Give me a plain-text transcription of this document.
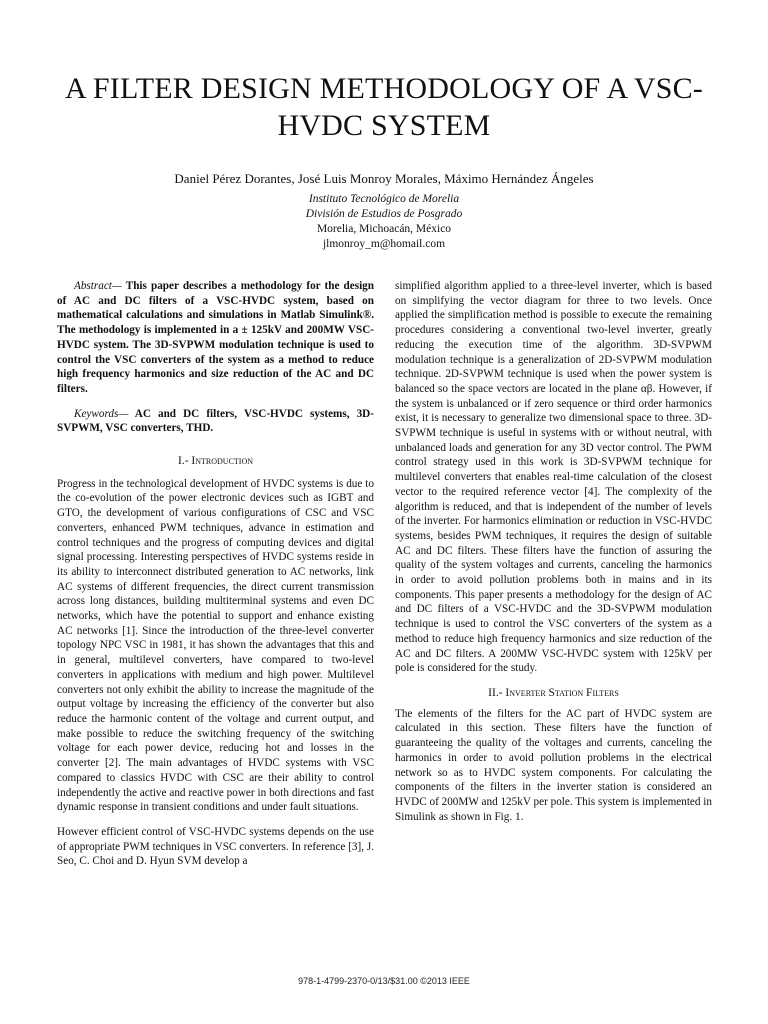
A FILTER DESIGN METHODOLOGY OF A VSC-HVDC SYSTEM
Daniel Pérez Dorantes, José Luis Monroy Morales, Máximo Hernández Ángeles
Instituto Tecnológico de Morelia
División de Estudios de Posgrado
Morelia, Michoacán, México
jlmonroy_m@homail.com

Abstract— This paper describes a methodology for the design of AC and DC filters of a VSC-HVDC system, based on mathematical calculations and simulations in Matlab Simulink®. The methodology is implemented in a ± 125kV and 200MW VSC-HVDC system. The 3D-SVPWM modulation technique is used to control the VSC converters of the system as a method to reduce high frequency harmonics and size reduction of the AC and DC filters.

Keywords— AC and DC filters, VSC-HVDC systems, 3D-SVPWM, VSC converters, THD.

I.- Introduction

Progress in the technological development of HVDC systems is due to the co-evolution of the power electronic devices such as IGBT and GTO, the development of various configurations of CSC and VSC converters, enhanced PWM techniques, advance in estimation and control techniques and the progress of computing devices and digital signal processing. Interesting perspectives of HVDC systems reside in its ability to interconnect distributed generation to AC networks, link AC systems of different frequencies, the direct current transmission across long distances, building multiterminal systems and even DC networks, which have the potential to support and enhance existing AC networks [1]. Since the introduction of the three-level converter topology NPC VSC in 1981, it has shown the advantages that this and in general, multilevel converters, have compared to two-level converters in applications with medium and high power. Multilevel converters not only exhibit the ability to increase the magnitude of the output voltage by increasing the efficiency of the converter but also reduce the harmonic content of the voltage and current output, and make possible to reduce the switching frequency of the switching voltage for each power device, reducing hot and losses in the converter [2]. The main advantages of HVDC systems with VSC compared to classics HVDC with CSC are their ability to control independently the active and reactive power in both directions and fast dynamic response in transient conditions and under fault situations.

However efficient control of VSC-HVDC systems depends on the use of appropriate PWM techniques in VSC converters. In reference [3], J. Seo, C. Choi and D. Hyun SVM develop a

simplified algorithm applied to a three-level inverter, which is based on simplifying the vector diagram for three to two levels. Once applied the simplification method is possible to execute the remaining procedures considering a conventional two-level inverter, greatly reducing the execution time of the algorithm. 3D-SVPWM modulation technique is a generalization of 2D-SVPWM modulation technique. 2D-SVPWM technique is used when the power system is balanced so the space vectors are located in the plane αβ. However, if the system is unbalanced or if zero sequence or third order harmonics exist, it is necessary to generalize two dimensional space to three. 3D-SVPWM technique is useful in systems with or without neutral, with unbalanced loads and generation for any 3D vector control. The PWM control strategy used in this work is 3D-SVPWM technique for multilevel converters that enables real-time calculation of the closest vector to the required reference vector [4]. The complexity of the algorithm is reduced, and that is independent of the number of levels of the inverter. For harmonics elimination or reduction in VSC-HVDC systems, besides PWM techniques, it requires the design of suitable AC and DC filters. These filters have the function of assuring the quality of the system voltages and currents, canceling the harmonics in order to avoid pollution problems both in mains and in its components. This paper presents a methodology for the design of AC and DC filters of a VSC-HVDC and the 3D-SVPWM modulation technique is used to control the VSC converters of the system as a method to reduce high frequency harmonics and size reduction of the AC and DC filters. A 200MW VSC-HVDC system with 125kV per pole is considered for the study.

II.- Inverter Station Filters

The elements of the filters for the AC part of HVDC system are calculated in this section. These filters have the function of guaranteeing the quality of the voltages and currents, canceling the harmonics in order to avoid pollution problems in the electrical network so as to HVDC system components. For calculating the components of the filters in the inverter station is considered an HVDC of 200MW and 125kV per pole. This system is implemented in Simulink as shown in Fig. 1.

978-1-4799-2370-0/13/$31.00 ©2013 IEEE
